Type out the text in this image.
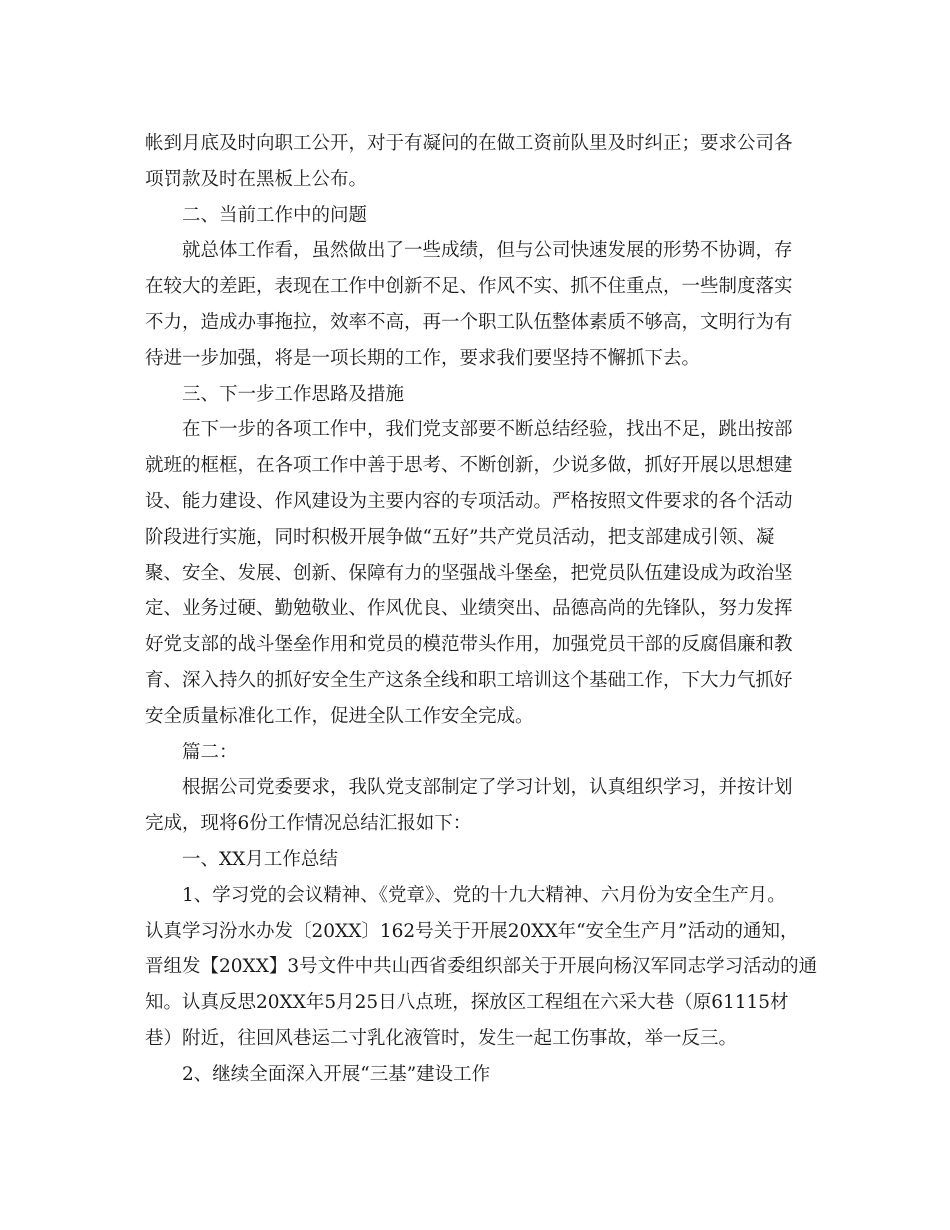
帐到月底及时向职工公开，对于有凝问的在做工资前队里及时纠正；要求公司各
项罚款及时在黑板上公布。
二、当前工作中的问题
就总体工作看，虽然做出了一些成绩，但与公司快速发展的形势不协调，存
在较大的差距，表现在工作中创新不足、作风不实、抓不住重点，一些制度落实
不力，造成办事拖拉，效率不高，再一个职工队伍整体素质不够高，文明行为有
待进一步加强，将是一项长期的工作，要求我们要坚持不懈抓下去。
三、下一步工作思路及措施
在下一步的各项工作中，我们党支部要不断总结经验，找出不足，跳出按部
就班的框框，在各项工作中善于思考、不断创新，少说多做，抓好开展以思想建
设、能力建设、作风建设为主要内容的专项活动。严格按照文件要求的各个活动
阶段进行实施，同时积极开展争做“五好”共产党员活动，把支部建成引领、凝
聚、安全、发展、创新、保障有力的坚强战斗堡垒，把党员队伍建设成为政治坚
定、业务过硬、勤勉敬业、作风优良、业绩突出、品德高尚的先锋队，努力发挥
好党支部的战斗堡垒作用和党员的模范带头作用，加强党员干部的反腐倡廉和教
育、深入持久的抓好安全生产这条全线和职工培训这个基础工作，下大力气抓好
安全质量标准化工作，促进全队工作安全完成。
篇二：
根据公司党委要求，我队党支部制定了学习计划，认真组织学习，并按计划
完成，现将6份工作情况总结汇报如下：
一、XX月工作总结
1、学习党的会议精神、《党章》、党的十九大精神、六月份为安全生产月。
认真学习汾水办发〔20XX〕162号关于开展20XX年“安全生产月”活动的通知，
晋组发【20XX】3号文件中共山西省委组织部关于开展向杨汉军同志学习活动的通
知。认真反思20XX年5月25日八点班，探放区工程组在六采大巷（原61115材
巷）附近，往回风巷运二寸乳化液管时，发生一起工伤事故，举一反三。
2、继续全面深入开展“三基”建设工作
